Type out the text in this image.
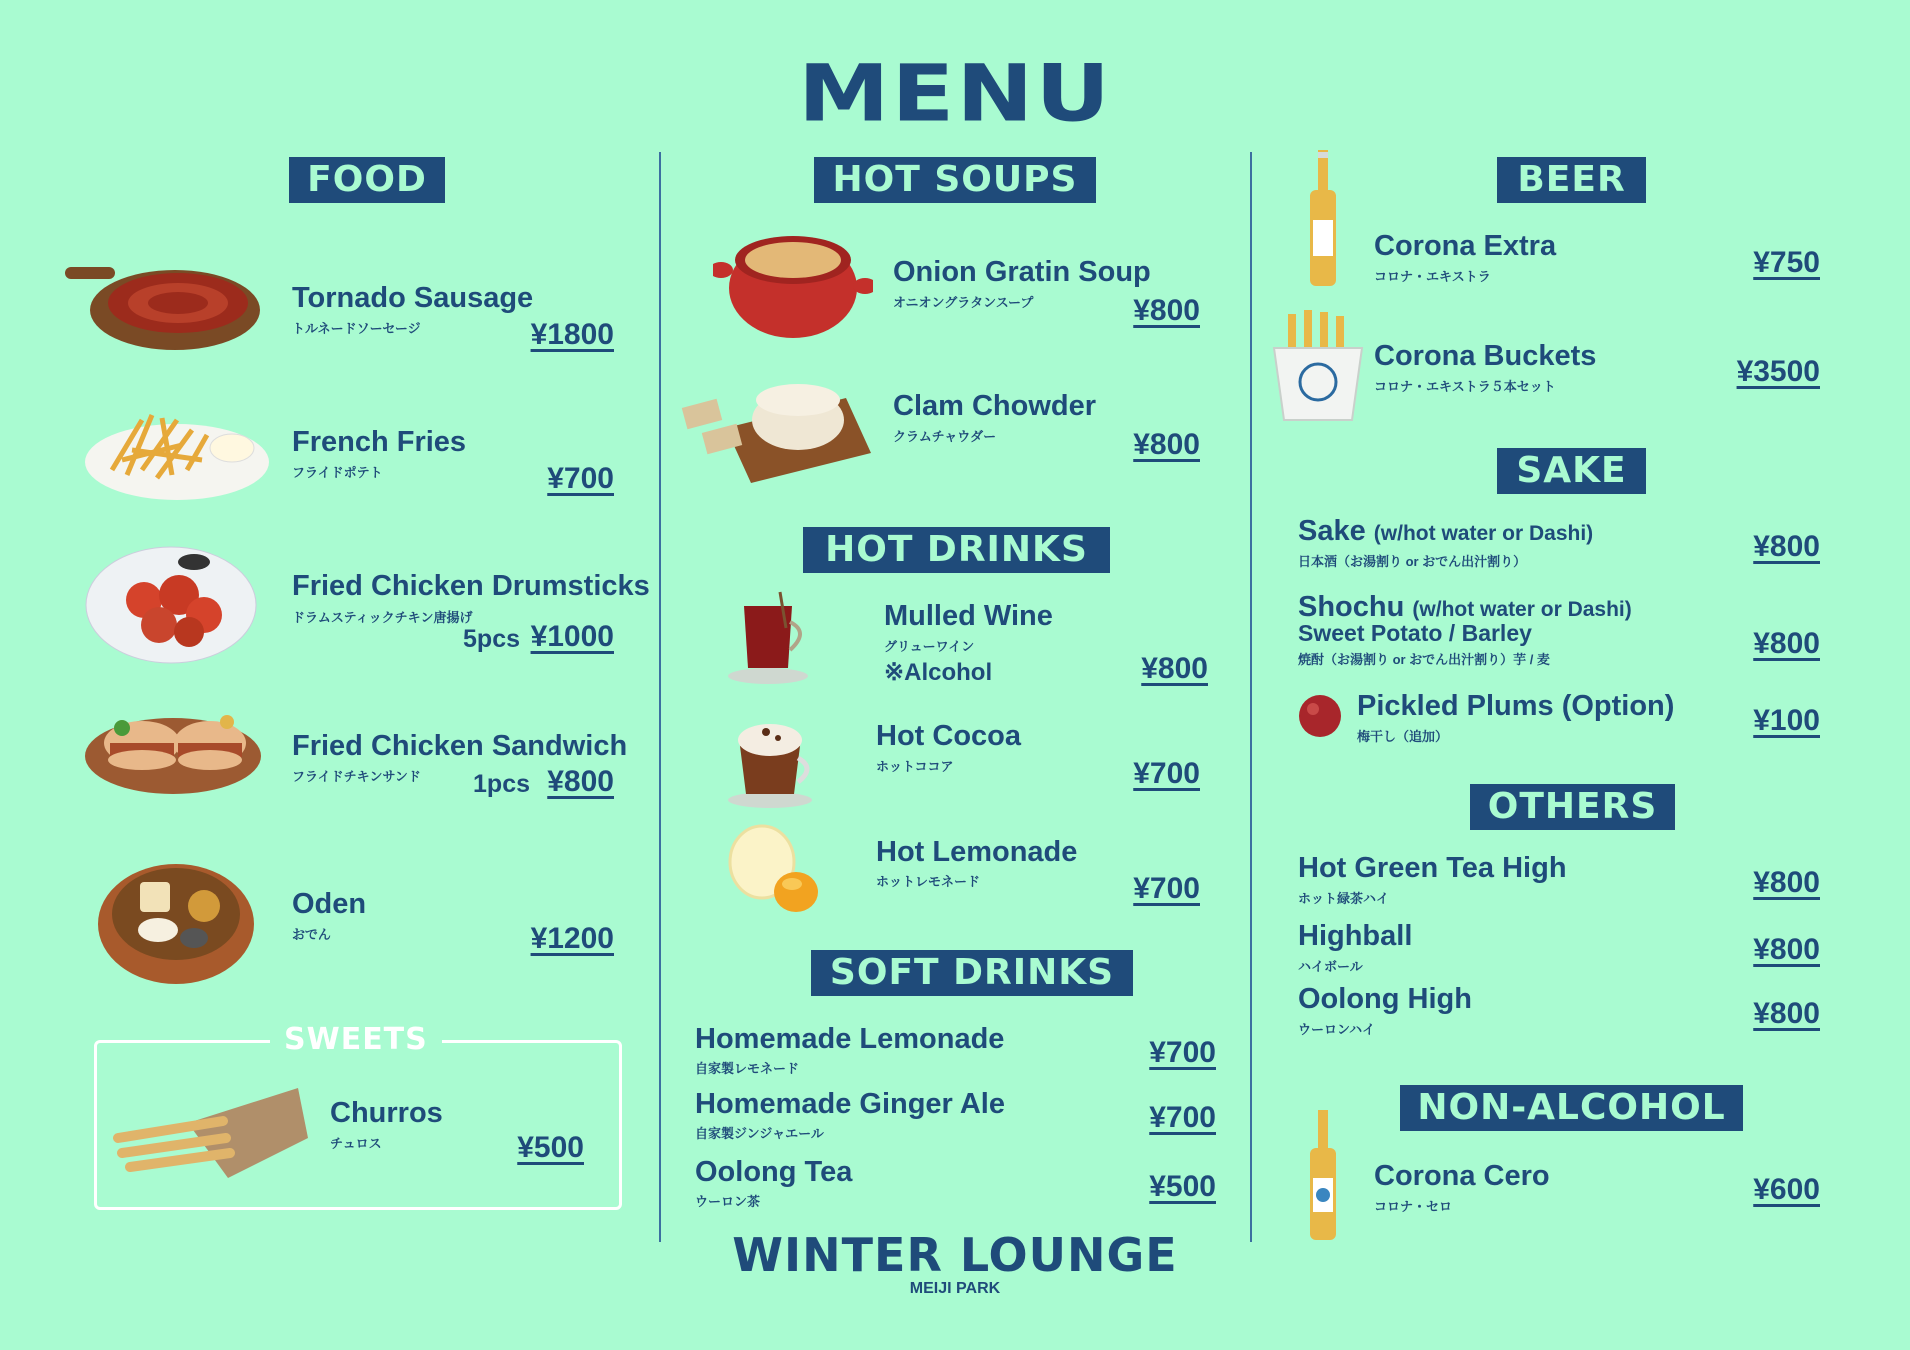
MENU
FOOD
Tornado Sausage
トルネードソーセージ	¥1800
French Fries
フライドポテト	¥700
Fried Chicken Drumsticks
ドラムスティックチキン唐揚げ
5pcs ¥1000
Fried Chicken Sandwich
フライドチキンサンド	1pcs ¥800
Oden
おでん	¥1200
SWEETS
Churros
チュロス	¥500
HOT SOUPS
Onion Gratin Soup
オニオングラタンスープ	¥800
Clam Chowder
クラムチャウダー	¥800
HOT DRINKS
Mulled Wine
グリューワイン
※Alcohol	¥800
Hot Cocoa
ホットココア	¥700
Hot Lemonade
ホットレモネード	¥700
SOFT DRINKS
Homemade Lemonade
自家製レモネード	¥700
Homemade Ginger Ale
自家製ジンジャエール	¥700
Oolong Tea
ウーロン茶	¥500
BEER
Corona Extra
コロナ・エキストラ	¥750
Corona Buckets
コロナ・エキストラ５本セット	¥3500
SAKE
Sake (w/hot water or Dashi)
日本酒（お湯割り or おでん出汁割り）	¥800
Shochu (w/hot water or Dashi)
Sweet Potato / Barley
焼酎（お湯割り or おでん出汁割り）芋 / 麦	¥800
Pickled Plums (Option)
梅干し（追加）	¥100
OTHERS
Hot Green Tea High
ホット緑茶ハイ	¥800
Highball
ハイボール
¥800
Oolong High
ウーロンハイ	¥800
NON-ALCOHOL
Corona Cero
コロナ・セロ
¥600
WINTER LOUNGE
MEIJI PARK
